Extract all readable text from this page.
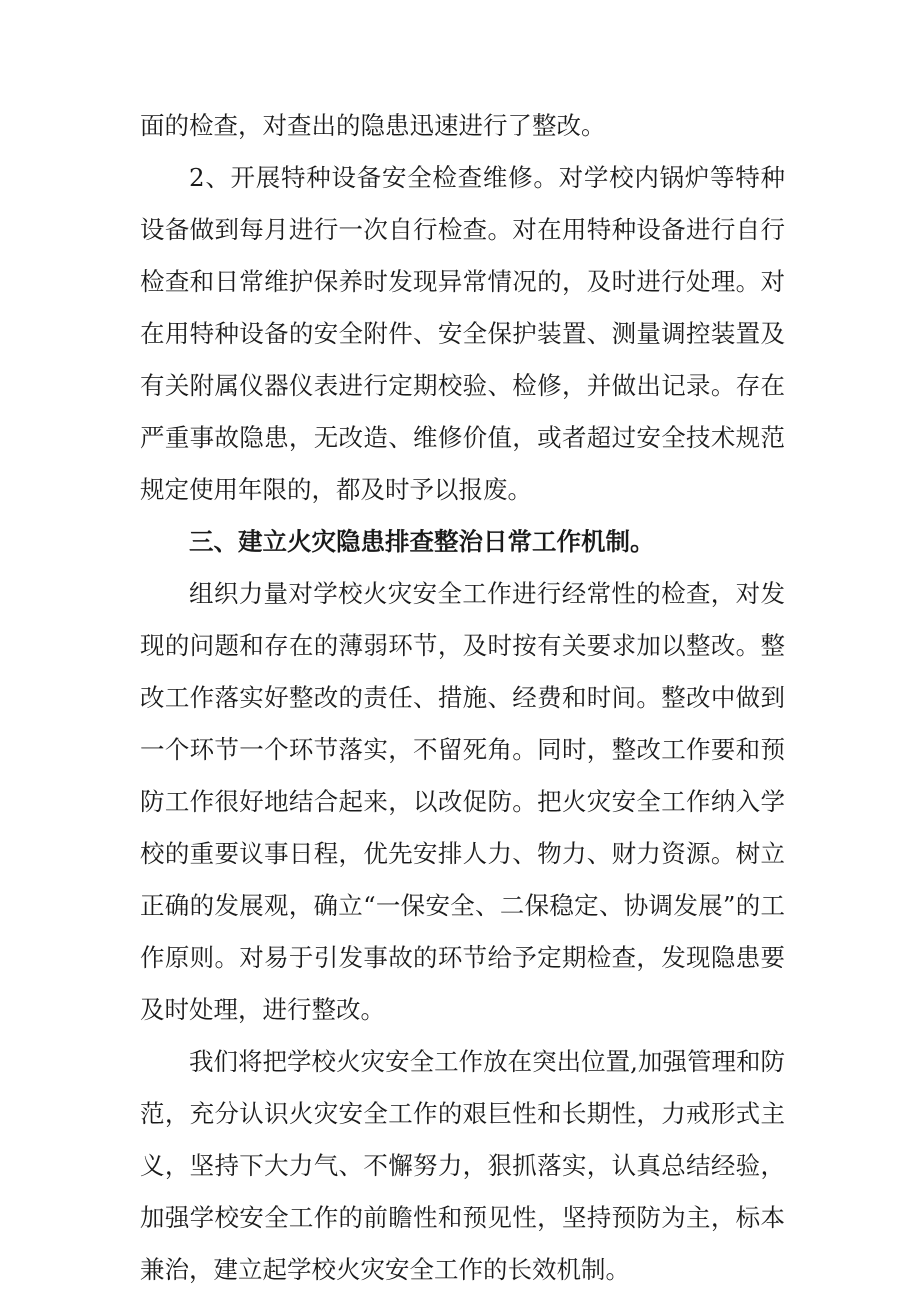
面的检查，对查出的隐患迅速进行了整改。

2、开展特种设备安全检查维修。对学校内锅炉等特种设备做到每月进行一次自行检查。对在用特种设备进行自行检查和日常维护保养时发现异常情况的，及时进行处理。对在用特种设备的安全附件、安全保护装置、测量调控装置及有关附属仪器仪表进行定期校验、检修，并做出记录。存在严重事故隐患，无改造、维修价值，或者超过安全技术规范规定使用年限的，都及时予以报废。

三、建立火灾隐患排查整治日常工作机制。

组织力量对学校火灾安全工作进行经常性的检查，对发现的问题和存在的薄弱环节，及时按有关要求加以整改。整改工作落实好整改的责任、措施、经费和时间。整改中做到一个环节一个环节落实，不留死角。同时，整改工作要和预防工作很好地结合起来，以改促防。把火灾安全工作纳入学校的重要议事日程，优先安排人力、物力、财力资源。树立正确的发展观，确立“一保安全、二保稳定、协调发展”的工作原则。对易于引发事故的环节给予定期检查，发现隐患要及时处理，进行整改。

我们将把学校火灾安全工作放在突出位置,加强管理和防范，充分认识火灾安全工作的艰巨性和长期性，力戒形式主义，坚持下大力气、不懈努力，狠抓落实，认真总结经验，加强学校安全工作的前瞻性和预见性，坚持预防为主，标本兼治，建立起学校火灾安全工作的长效机制。
